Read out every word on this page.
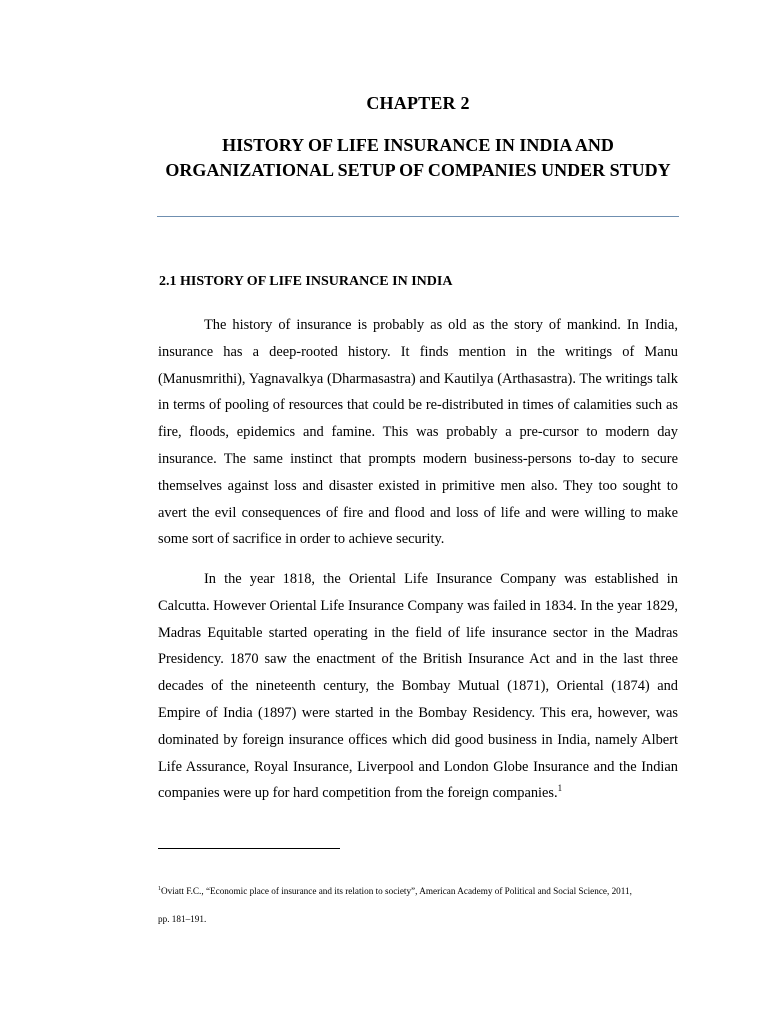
CHAPTER 2
HISTORY OF LIFE INSURANCE IN INDIA AND
ORGANIZATIONAL SETUP OF COMPANIES UNDER STUDY
2.1 HISTORY OF LIFE INSURANCE IN INDIA

The history of insurance is probably as old as the story of mankind. In India, insurance has a deep-rooted history. It finds mention in the writings of Manu (Manusmrithi), Yagnavalkya (Dharmasastra) and Kautilya (Arthasastra). The writings talk in terms of pooling of resources that could be re-distributed in times of calamities such as fire, floods, epidemics and famine. This was probably a pre-cursor to modern day insurance. The same instinct that prompts modern business-persons to-day to secure themselves against loss and disaster existed in primitive men also. They too sought to avert the evil consequences of fire and flood and loss of life and were willing to make some sort of sacrifice in order to achieve security.

In the year 1818, the Oriental Life Insurance Company was established in Calcutta. However Oriental Life Insurance Company was failed in 1834. In the year 1829, Madras Equitable started operating in the field of life insurance sector in the Madras Presidency. 1870 saw the enactment of the British Insurance Act and in the last three decades of the nineteenth century, the Bombay Mutual (1871), Oriental (1874) and Empire of India (1897) were started in the Bombay Residency. This era, however, was dominated by foreign insurance offices which did good business in India, namely Albert Life Assurance, Royal Insurance, Liverpool and London Globe Insurance and the Indian companies were up for hard competition from the foreign companies.$^1$

$^1$Oviatt F.C., “Economic place of insurance and its relation to society”, American Academy of Political and Social Science, 2011,
pp. 181–191.
